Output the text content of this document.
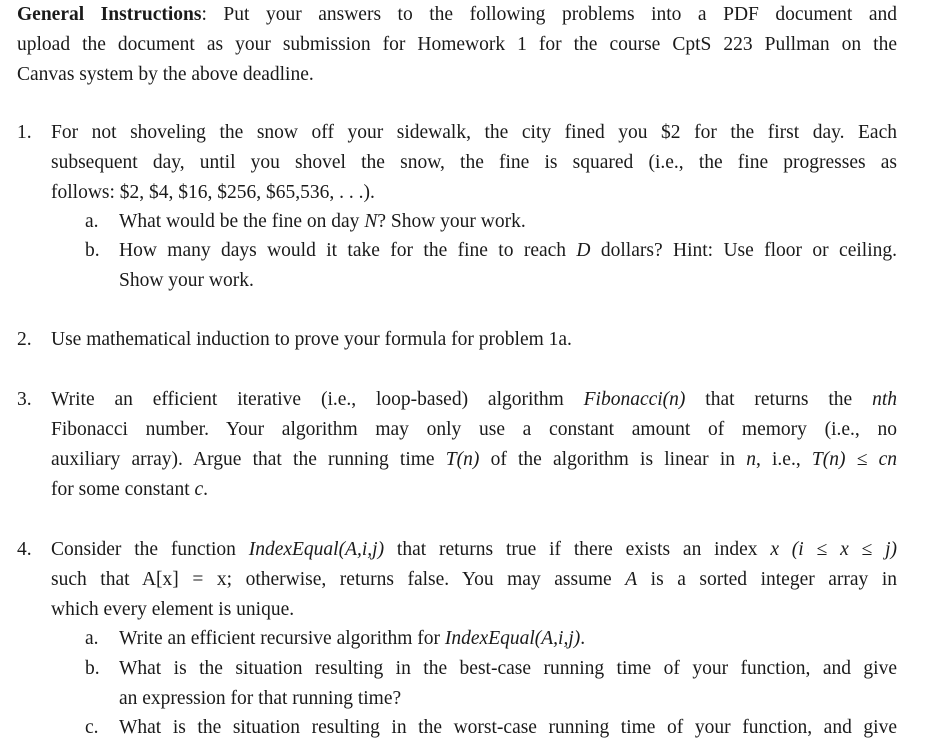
General Instructions: Put your answers to the following problems into a PDF document and
upload the document as your submission for Homework 1 for the course CptS 223 Pullman on the
Canvas system by the above deadline.
1. For not shoveling the snow off your sidewalk, the city fined you $2 for the first day. Each
subsequent day, until you shovel the snow, the fine is squared (i.e., the fine progresses as
follows: $2, $4, $16, $256, $65,536, . . .).
a. What would be the fine on day N? Show your work.
b. How many days would it take for the fine to reach D dollars? Hint: Use floor or ceiling.
Show your work.
2. Use mathematical induction to prove your formula for problem 1a.
3. Write an efficient iterative (i.e., loop-based) algorithm Fibonacci(n) that returns the nth
Fibonacci number. Your algorithm may only use a constant amount of memory (i.e., no
auxiliary array). Argue that the running time T(n) of the algorithm is linear in n, i.e., T(n) ≤ cn
for some constant c.
4. Consider the function IndexEqual(A,i,j) that returns true if there exists an index x (i ≤ x ≤ j)
such that A[x] = x; otherwise, returns false. You may assume A is a sorted integer array in
which every element is unique.
a. Write an efficient recursive algorithm for IndexEqual(A,i,j).
b. What is the situation resulting in the best-case running time of your function, and give
an expression for that running time?
c. What is the situation resulting in the worst-case running time of your function, and give
